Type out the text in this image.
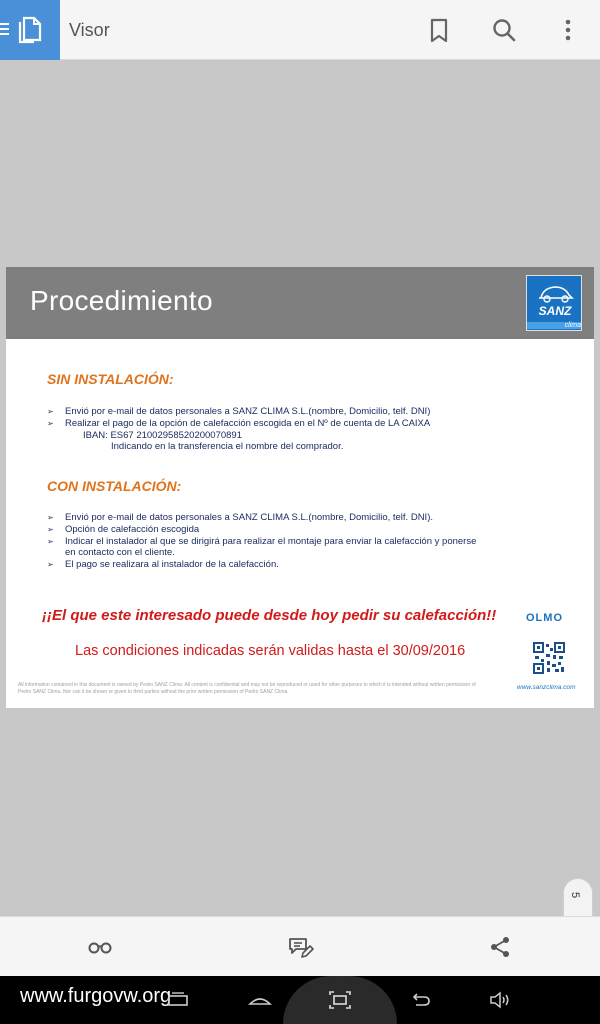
Visor
Procedimiento	SANZ
clima
SIN INSTALACIÓN:
➢ Envió por e-mail de datos personales a SANZ CLIMA S.L.(nombre, Domicilio, telf. DNI)
➢ Realizar el pago de la opción de calefacción escogida en el Nº de cuenta de LA CAIXA
IBAN: ES67 21002958520200070891
Indicando en la transferencia el nombre del comprador.
CON INSTALACIÓN:
➢ Envió por e-mail de datos personales a SANZ CLIMA S.L.(nombre, Domicilio, telf. DNI).
➢ Opción de calefacción escogida
➢ Indicar el instalador al que se dirigirá para realizar el montaje para enviar la calefacción y ponerse en contacto con el cliente.
➢ El pago se realizara al instalador de la calefacción.
¡¡El que este interesado puede desde hoy pedir su calefacción!!
Las condiciones indicadas serán validas hasta el 30/09/2016
OLMO
www.sanzclima.com
All information contained in this document is owned by Pedro SANZ Clima. All content is confidential and may not be reproduced or used for other purposes to which it is intended without written permission of Pedro SANZ Clima. Nor can it be shown or given to third parties without the prior written permission of Pedro SANZ Clima.
5
www.furgovw.org
